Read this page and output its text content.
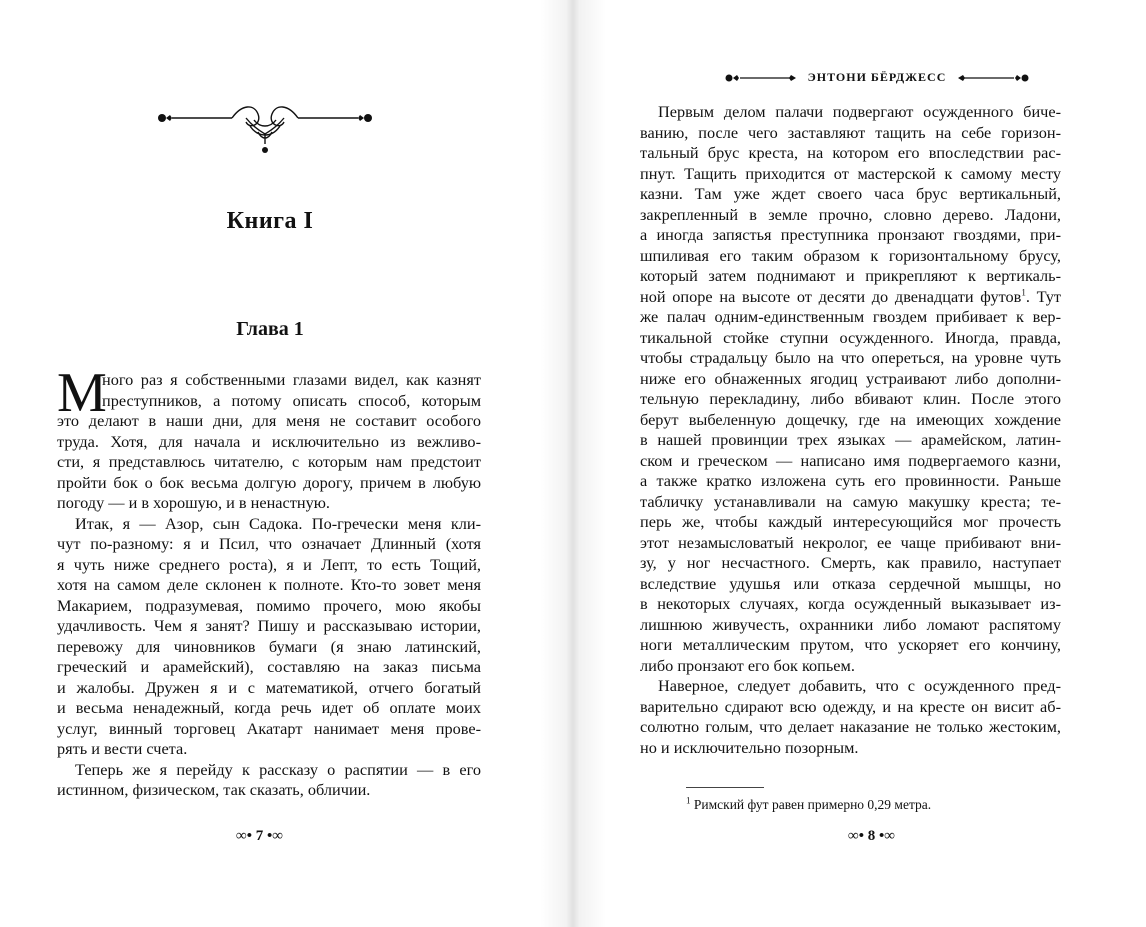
Книга I
Глава 1
М
ного раз я собственными глазами видел, как казнят
преступников, а потому описать способ, которым
это делают в наши дни, для меня не составит особого
труда. Хотя, для начала и исключительно из вежливо-
сти, я представлюсь читателю, с которым нам предстоит
пройти бок о бок весьма долгую дорогу, причем в любую
погоду — и в хорошую, и в ненастную.
Итак, я — Азор, сын Садока. По-гречески меня кли-
чут по-разному: я и Псил, что означает Длинный (хотя
я чуть ниже среднего роста), я и Лепт, то есть Тощий,
хотя на самом деле склонен к полноте. Кто-то зовет меня
Макарием, подразумевая, помимо прочего, мою якобы
удачливость. Чем я занят? Пишу и рассказываю истории,
перевожу для чиновников бумаги (я знаю латинский,
греческий и арамейский), составляю на заказ письма
и жалобы. Дружен я и с математикой, отчего богатый
и весьма ненадежный, когда речь идет об оплате моих
услуг, винный торговец Акатарт нанимает меня прове-
рять и вести счета.
Теперь же я перейду к рассказу о распятии — в его
истинном, физическом, так сказать, обличии.
∞• 7 •∞
ЭНТОНИ БЁРДЖЕСС
Первым делом палачи подвергают осужденного биче-
ванию, после чего заставляют тащить на себе горизон-
тальный брус креста, на котором его впоследствии рас-
пнут. Тащить приходится от мастерской к самому месту
казни. Там уже ждет своего часа брус вертикальный,
закрепленный в земле прочно, словно дерево. Ладони,
а иногда запястья преступника пронзают гвоздями, при-
шпиливая его таким образом к горизонтальному брусу,
который затем поднимают и прикрепляют к вертикаль-
ной опоре на высоте от десяти до двенадцати футов$^1$. Тут
же палач одним-единственным гвоздем прибивает к вер-
тикальной стойке ступни осужденного. Иногда, правда,
чтобы страдальцу было на что опереться, на уровне чуть
ниже его обнаженных ягодиц устраивают либо дополни-
тельную перекладину, либо вбивают клин. После этого
берут выбеленную дощечку, где на имеющих хождение
в нашей провинции трех языках — арамейском, латин-
ском и греческом — написано имя подвергаемого казни,
а также кратко изложена суть его провинности. Раньше
табличку устанавливали на самую макушку креста; те-
перь же, чтобы каждый интересующийся мог прочесть
этот незамысловатый некролог, ее чаще прибивают вни-
зу, у ног несчастного. Смерть, как правило, наступает
вследствие удушья или отказа сердечной мышцы, но
в некоторых случаях, когда осужденный выказывает из-
лишнюю живучесть, охранники либо ломают распятому
ноги металлическим прутом, что ускоряет его кончину,
либо пронзают его бок копьем.
Наверное, следует добавить, что с осужденного пред-
варительно сдирают всю одежду, и на кресте он висит аб-
солютно голым, что делает наказание не только жестоким,
но и исключительно позорным.
$^1$ Римский фут равен примерно 0,29 метра.
∞• 8 •∞
